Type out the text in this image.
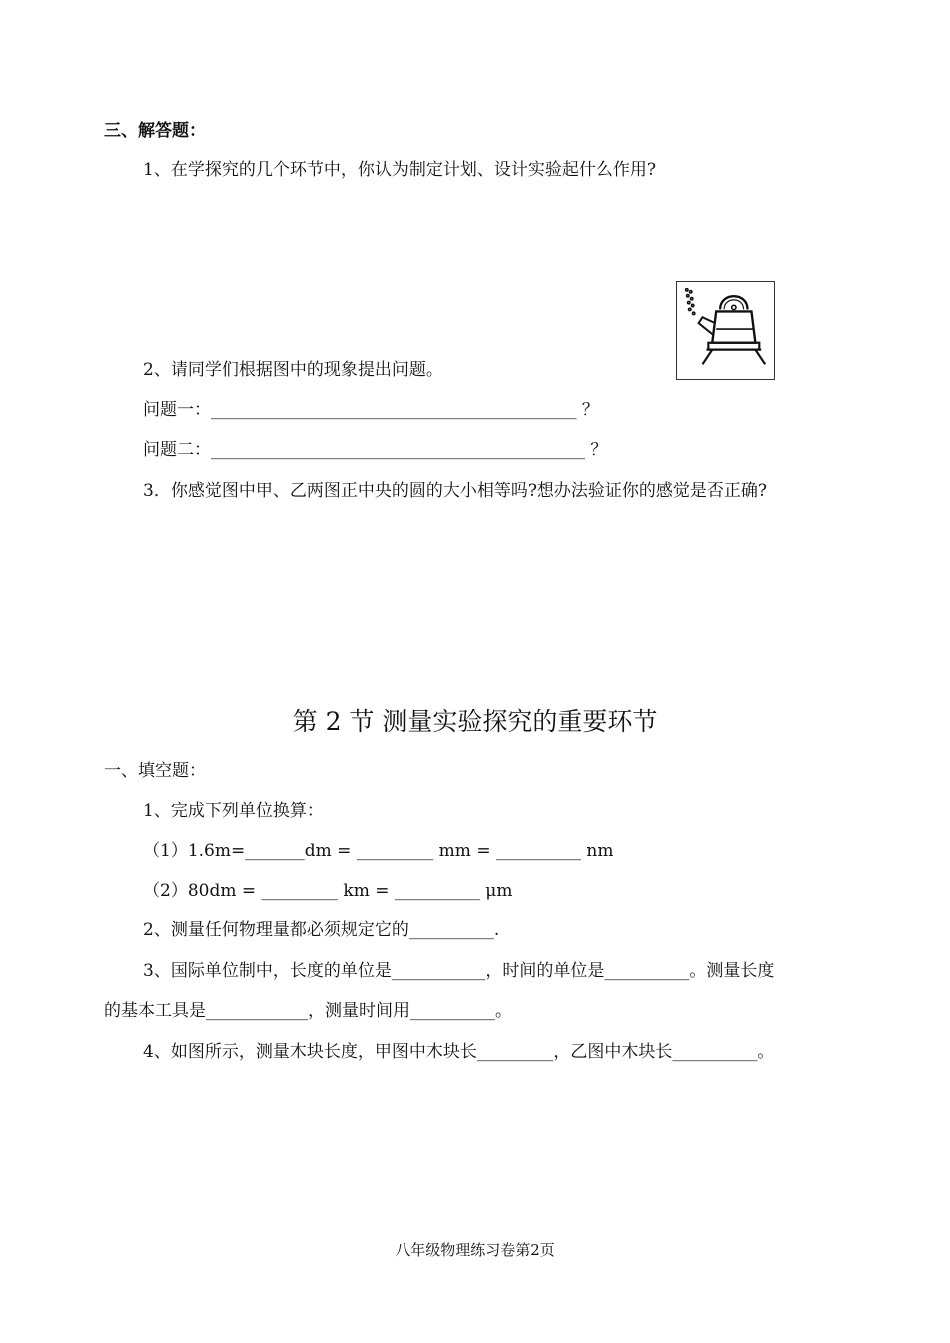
三、解答题：
1、在学探究的几个环节中，你认为制定计划、设计实验起什么作用?
2、请同学们根据图中的现象提出问题。
问题一：___________________________________________ ？
问题二：____________________________________________ ？
3．你感觉图中甲、乙两图正中央的圆的大小相等吗?想办法验证你的感觉是否正确?
第 2 节 测量实验探究的重要环节
一、填空题：
1、完成下列单位换算：
（1）1.6m=_______dm = _________ mm = __________ nm
（2）80dm = _________ km = __________ μm
2、测量任何物理量都必须规定它的__________.
3、国际单位制中，长度的单位是___________，时间的单位是__________。测量长度
的基本工具是____________，测量时间用__________。
4、如图所示，测量木块长度，甲图中木块长_________，乙图中木块长__________。
八年级物理练习卷第2页
